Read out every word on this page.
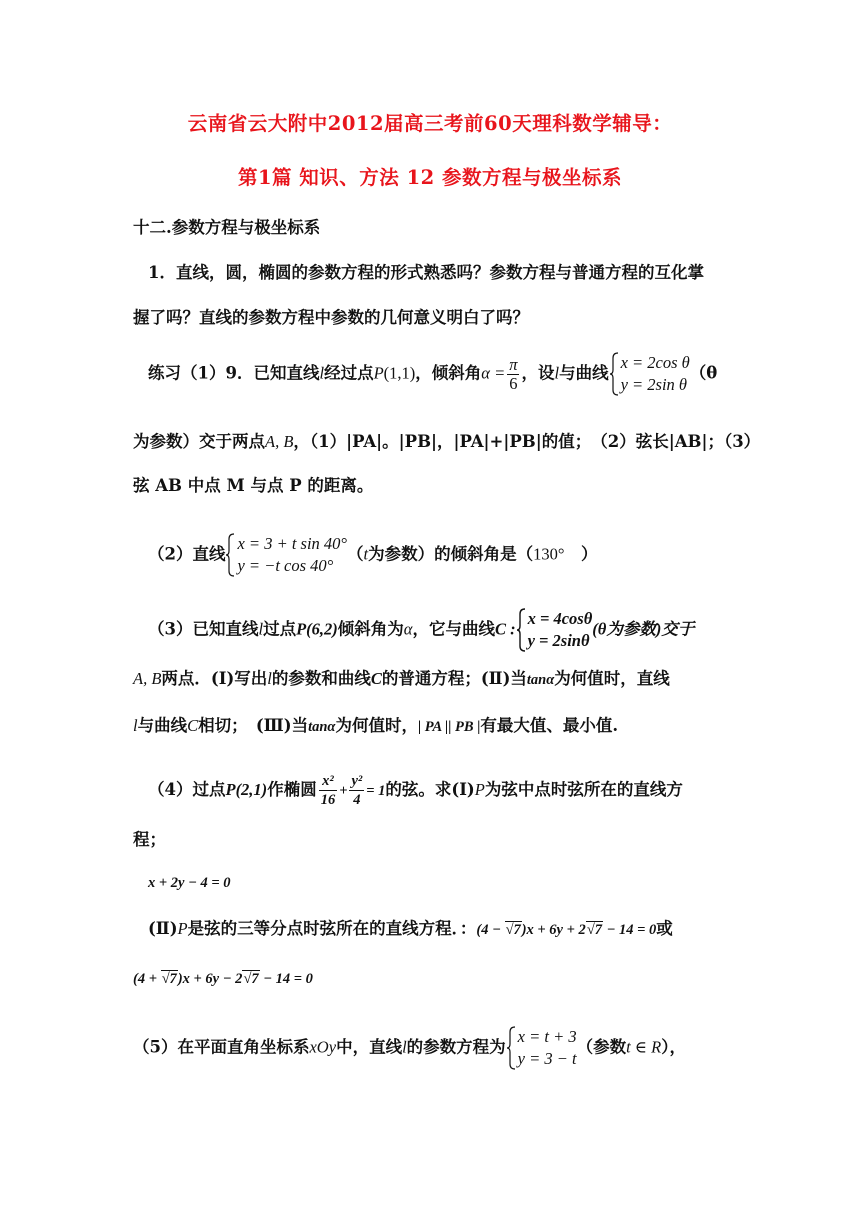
云南省云大附中2012届高三考前60天理科数学辅导：
第1篇 知识、方法 12 参数方程与极坐标系
十二.参数方程与极坐标系
1．直线，圆，椭圆的参数方程的形式熟悉吗？参数方程与普通方程的互化掌
握了吗？直线的参数方程中参数的几何意义明白了吗？
练习（1）9．已知直线l经过点P(1,1)，倾斜角$\alpha = \frac{\pi}{6}$ ，设l与曲线
x = 2cos θ
y = 2sin θ
（θ
为参数）交于两点A, B，（1）|PA|。|PB|，|PA|+|PB|的值；　（2）弦长|AB|；（3）
弦 AB 中点 M 与点 P 的距离。
（2）直线
x = 3 + t sin 40°
y = −t cos 40°
（t为参数）的倾斜角是（130°　）
（3）已知直线l过点P(6,2)倾斜角为α，它与曲线C :
x = 4cosθ
y = 2sinθ
(θ为参数)交于
A, B两点．(Ⅰ)写出l的参数和曲线C的普通方程；(Ⅱ)当tanα为何值时，直线
l与曲线C相切；　(Ⅲ)当tanα为何值时，| PA || PB |有最大值、最小值.
（4）过点P(2,1)作椭圆 $\frac{\text{x²}}{16} + \frac{\text{y²}}{4} = 1$的弦。求(Ⅰ)P为弦中点时弦所在的直线方
程；
x + 2y − 4 = 0
(Ⅱ)P是弦的三等分点时弦所在的直线方程．：(4 − √7)x + 6y + 2√7 − 14 = 0或
(4 + √7)x + 6y − 2√7 − 14 = 0
（5）在平面直角坐标系xOy中，直线l的参数方程为
x = t + 3
y = 3 − t
（参数t ∈ R），
